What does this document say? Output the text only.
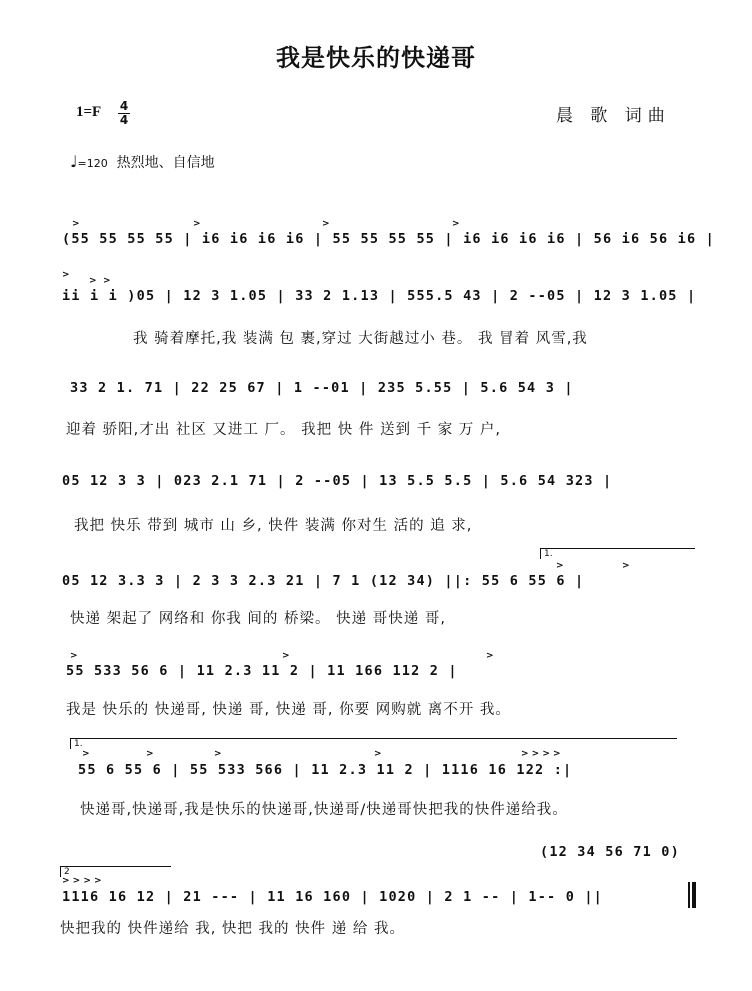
我是快乐的快递哥
1=F 4
4	晨 歌 词曲
♩=120 热烈地、自信地
(55 55 55 55 | i6 i6 i6 i6 | 55 55 55 55 | i6 i6 i6 i6 | 56 i6 56 i6 |
>	>	>	>
ii i i )05 | 12 3 1.05 | 33 2 1.13 | 555.5 43 | 2 --05 | 12 3 1.05 |
>
> >
我 骑着摩托,我 装满 包 裹,穿过 大街越过小 巷。 我 冒着 风雪,我
33 2 1. 71 | 22 25 67 | 1 --01 | 235 5.55 | 5.6 54 3 |
迎着 骄阳,才出 社区 又进工 厂。 我把 快 件 送到 千 家 万 户,
05 12 3 3 | 023 2.1 71 | 2 --05 | 13 5.5 5.5 | 5.6 54 323 |
我把 快乐 带到 城市 山 乡, 快件 装满 你对生 活的 追 求,
1.
05 12 3.3 3 | 2 3 3 2.3 21 | 7 1 (12 34) ||: 55 6 55 6 |
>	>
快递 架起了 网络和 你我 间的 桥梁。 快递 哥快递 哥,
55 533 56 6 | 11 2.3 11 2 | 11 166 112 2 |
>	>	>
我是 快乐的 快递哥, 快递 哥, 快递 哥, 你要 网购就 离不开 我。
1.
55 6 55 6 | 55 533 566 | 11 2.3 11 2 | 1116 16 122 :|
>	>	>	>	> > > >
快递哥,快递哥,我是快乐的快递哥,快递哥/快递哥快把我的快件递给我。
(12 34 56 71 0)
2
1116 16 12 | 21 --- | 11 16 160 | 1020 | 2 1 -- | 1-- 0 ||
> > > >
快把我的 快件递给 我, 快把 我的 快件 递 给 我。
